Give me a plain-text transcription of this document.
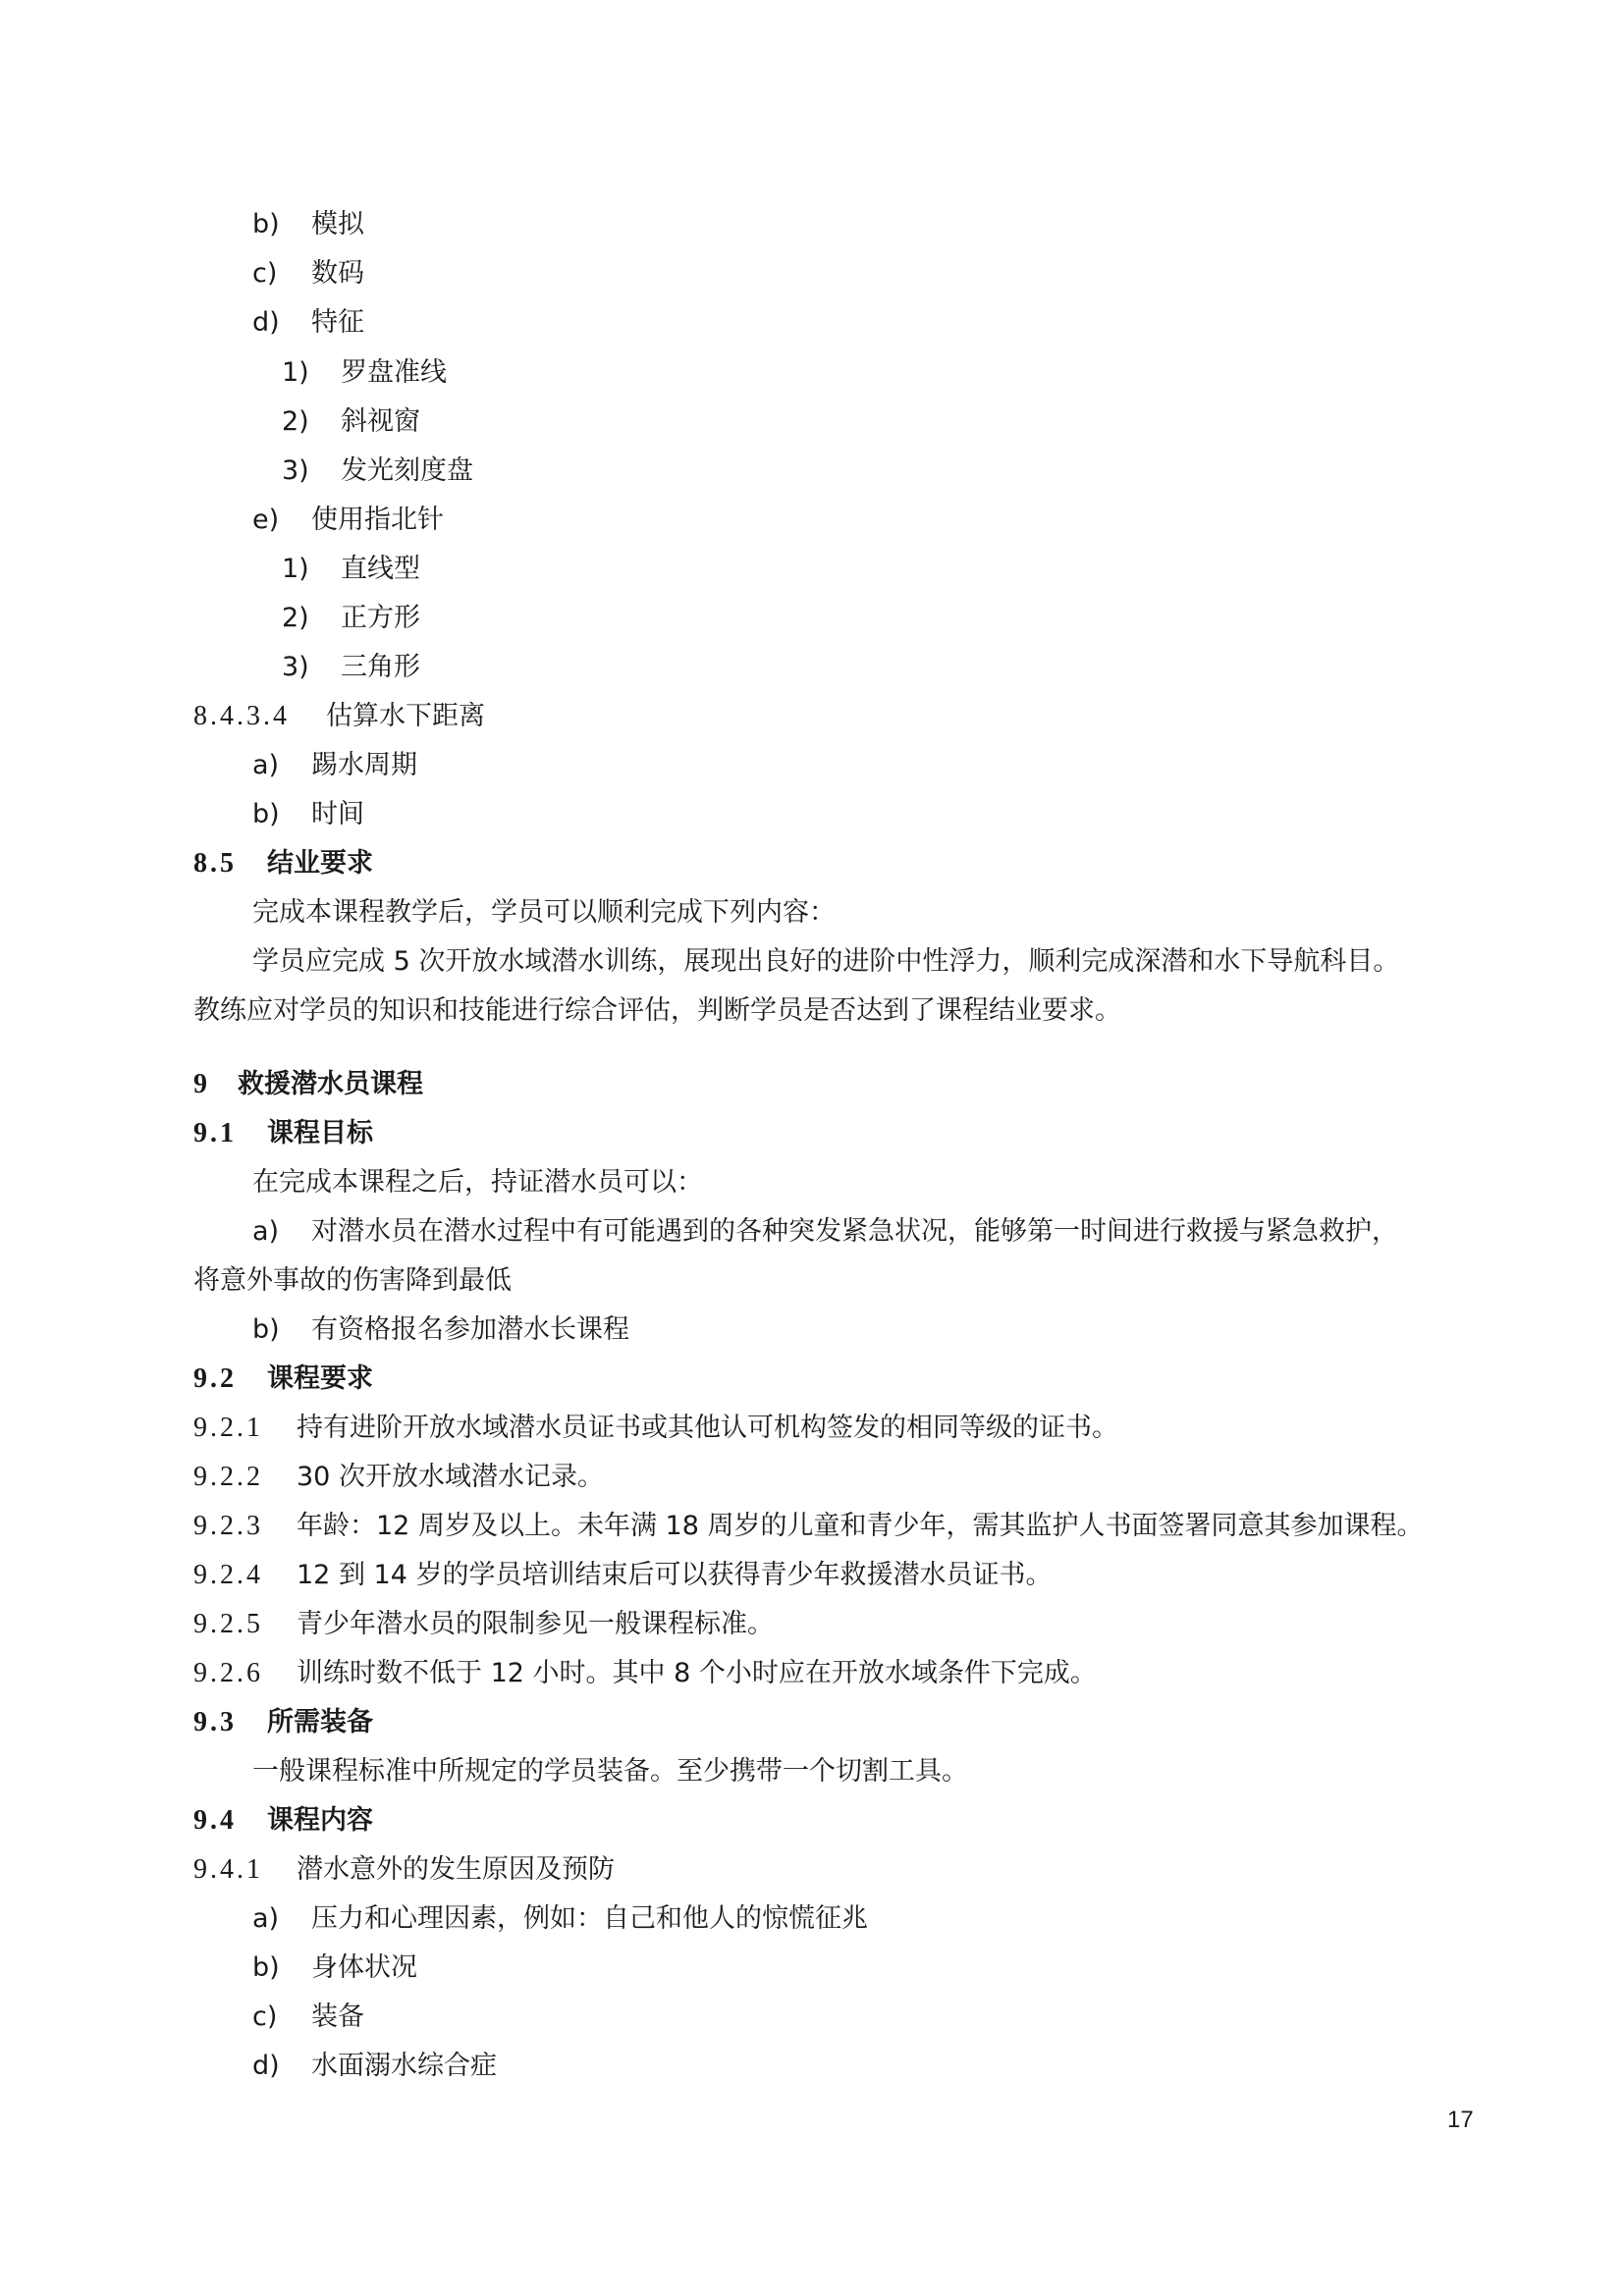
b) 模拟
c) 数码
d) 特征
1) 罗盘准线
2) 斜视窗
3) 发光刻度盘
e) 使用指北针
1) 直线型
2) 正方形
3) 三角形
8.4.3.4 估算水下距离
a) 踢水周期
b) 时间
8.5 结业要求
完成本课程教学后，学员可以顺利完成下列内容：
学员应完成 5 次开放水域潜水训练，展现出良好的进阶中性浮力，顺利完成深潜和水下导航科目。
教练应对学员的知识和技能进行综合评估，判断学员是否达到了课程结业要求。
9 救援潜水员课程
9.1 课程目标
在完成本课程之后，持证潜水员可以：
a) 对潜水员在潜水过程中有可能遇到的各种突发紧急状况，能够第一时间进行救援与紧急救护，
将意外事故的伤害降到最低
b) 有资格报名参加潜水长课程
9.2 课程要求
9.2.1 持有进阶开放水域潜水员证书或其他认可机构签发的相同等级的证书。
9.2.2 30 次开放水域潜水记录。
9.2.3 年龄：12 周岁及以上。未年满 18 周岁的儿童和青少年，需其监护人书面签署同意其参加课程。
9.2.4 12 到 14 岁的学员培训结束后可以获得青少年救援潜水员证书。
9.2.5 青少年潜水员的限制参见一般课程标准。
9.2.6 训练时数不低于 12 小时。其中 8 个小时应在开放水域条件下完成。
9.3 所需装备
一般课程标准中所规定的学员装备。至少携带一个切割工具。
9.4 课程内容
9.4.1 潜水意外的发生原因及预防
a) 压力和心理因素，例如：自己和他人的惊慌征兆
b) 身体状况
c) 装备
d) 水面溺水综合症
17
